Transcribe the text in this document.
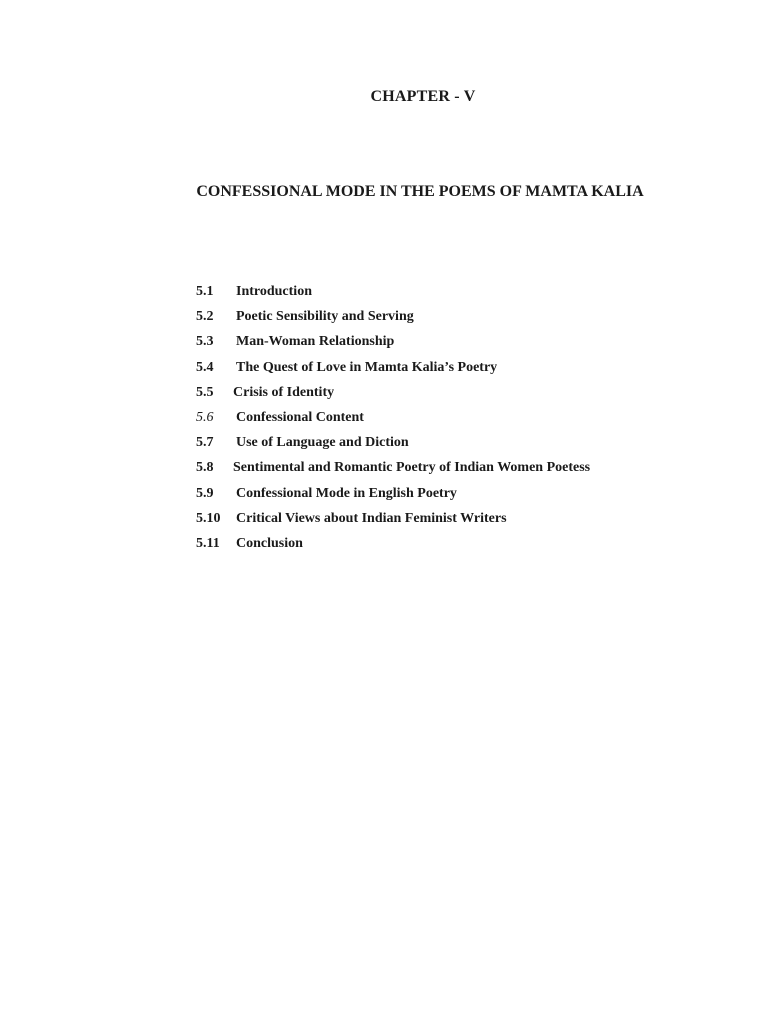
CHAPTER - V
CONFESSIONAL MODE IN THE POEMS OF MAMTA KALIA
5.1	Introduction
5.2	Poetic Sensibility and Serving
5.3	Man-Woman Relationship
5.4	The Quest of Love in Mamta Kalia’s Poetry
5.5	Crisis of Identity
5.6	Confessional Content
5.7	Use of Language and Diction
5.8	Sentimental and Romantic Poetry of Indian Women Poetess
5.9	Confessional Mode in English Poetry
5.10	Critical Views about Indian Feminist Writers
5.11	Conclusion
